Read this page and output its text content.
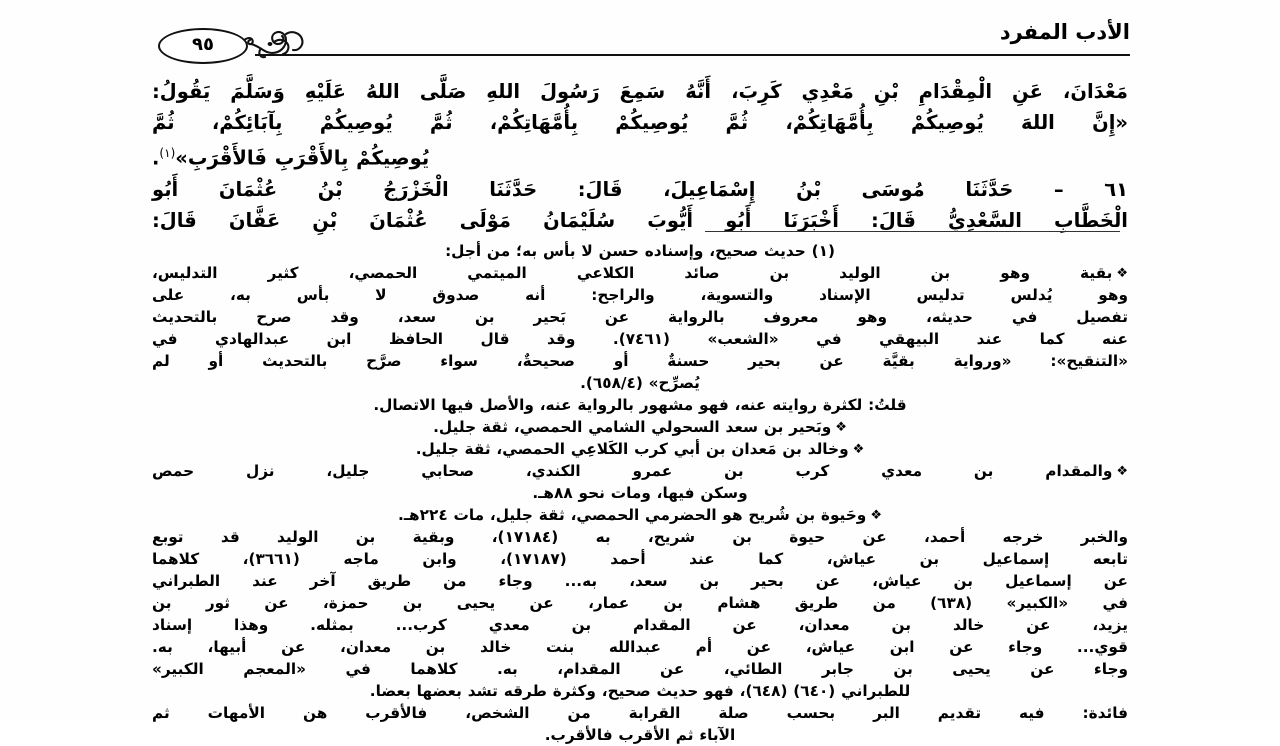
الأدب المفرد
٩٥

مَعْدَانَ، عَنِ الْمِقْدَامِ بْنِ مَعْدِي كَرِبَ، أَنَّهُ سَمِعَ رَسُولَ اللهِ صَلَّى اللهُ عَلَيْهِ وَسَلَّمَ يَقُولُ:
«إِنَّ اللهَ يُوصِيكُمْ بِأُمَّهَاتِكُمْ، ثُمَّ يُوصِيكُمْ بِأُمَّهَاتِكُمْ، ثُمَّ يُوصِيكُمْ بِآبَائِكُمْ، ثُمَّ
يُوصِيكُمْ بِالأَقْرَبِ فَالأَقْرَبِ»$^{(١)}$.

٦١ – حَدَّثَنَا مُوسَى بْنُ إِسْمَاعِيلَ، قَالَ: حَدَّثَنَا الْخَزْرَجُ بْنُ عُثْمَانَ أَبُو
الْخَطَّابِ السَّعْدِيُّ قَالَ: أَخْبَرَنَا أَبُو أَيُّوبَ سُلَيْمَانُ مَوْلَى عُثْمَانَ بْنِ عَفَّانَ قَالَ:

(١) حديث صحيح، وإسناده حسن لا بأس به؛ من أجل:

❖بقية وهو بن الوليد بن صائد الكلاعي الميتمي الحمصي، كثير التدليس،
وهو يُدلس تدليس الإسناد والتسوية، والراجح: أنه صدوق لا بأس به، على
تفصيل في حديثه، وهو معروف بالرواية عن بَحير بن سعد، وقد صرح بالتحديث
عنه كما عند البيهقي في «الشعب» (٧٤٦١). وقد قال الحافظ ابن عبدالهادي في
«التنقيح»: «ورواية بقيَّة عن بحير حسنةٌ أو صحيحةٌ، سواء صرَّح بالتحديث أو لم
يُصرِّح» (٦٥٨/٤).

قلتُ: لكثرة روايته عنه، فهو مشهور بالرواية عنه، والأصل فيها الاتصال.

❖وبَحير بن سعد السحولي الشامي الحمصي، ثقة جليل.

❖وخالد بن مَعدان بن أبي كرب الكَلاعِي الحمصي، ثقة جليل.

❖والمقدام بن معدي كرب بن عمرو الكندي، صحابي جليل، نزل حمص
وسكن فيها، ومات نحو ٨٨هـ.

❖وحَيوة بن شُريح هو الحضرمي الحمصي، ثقة جليل، مات ٢٢٤هـ.

والخبر خرجه أحمد، عن حيوة بن شريح، به (١٧١٨٤)، وبقية بن الوليد قد توبع
تابعه إسماعيل بن عياش، كما عند أحمد (١٧١٨٧)، وابن ماجه (٣٦٦١)، كلاهما
عن إسماعيل بن عياش، عن بحير بن سعد، به... وجاء من طريق آخر عند الطبراني
في «الكبير» (٦٣٨) من طريق هشام بن عمار، عن يحيى بن حمزة، عن ثور بن
يزيد، عن خالد بن معدان، عن المقدام بن معدي كرب... بمثله. وهذا إسناد
قوي... وجاء عن ابن عياش، عن أم عبدالله بنت خالد بن معدان، عن أبيها، به.
وجاء عن يحيى بن جابر الطائي، عن المقدام، به. كلاهما في «المعجم الكبير»
للطبراني (٦٤٠) (٦٤٨)، فهو حديث صحيح، وكثرة طرقه تشد بعضها بعضا.

فائدة: فيه تقديم البر بحسب صلة القرابة من الشخص، فالأقرب هن الأمهات ثم
الآباء ثم الأقرب فالأقرب.
